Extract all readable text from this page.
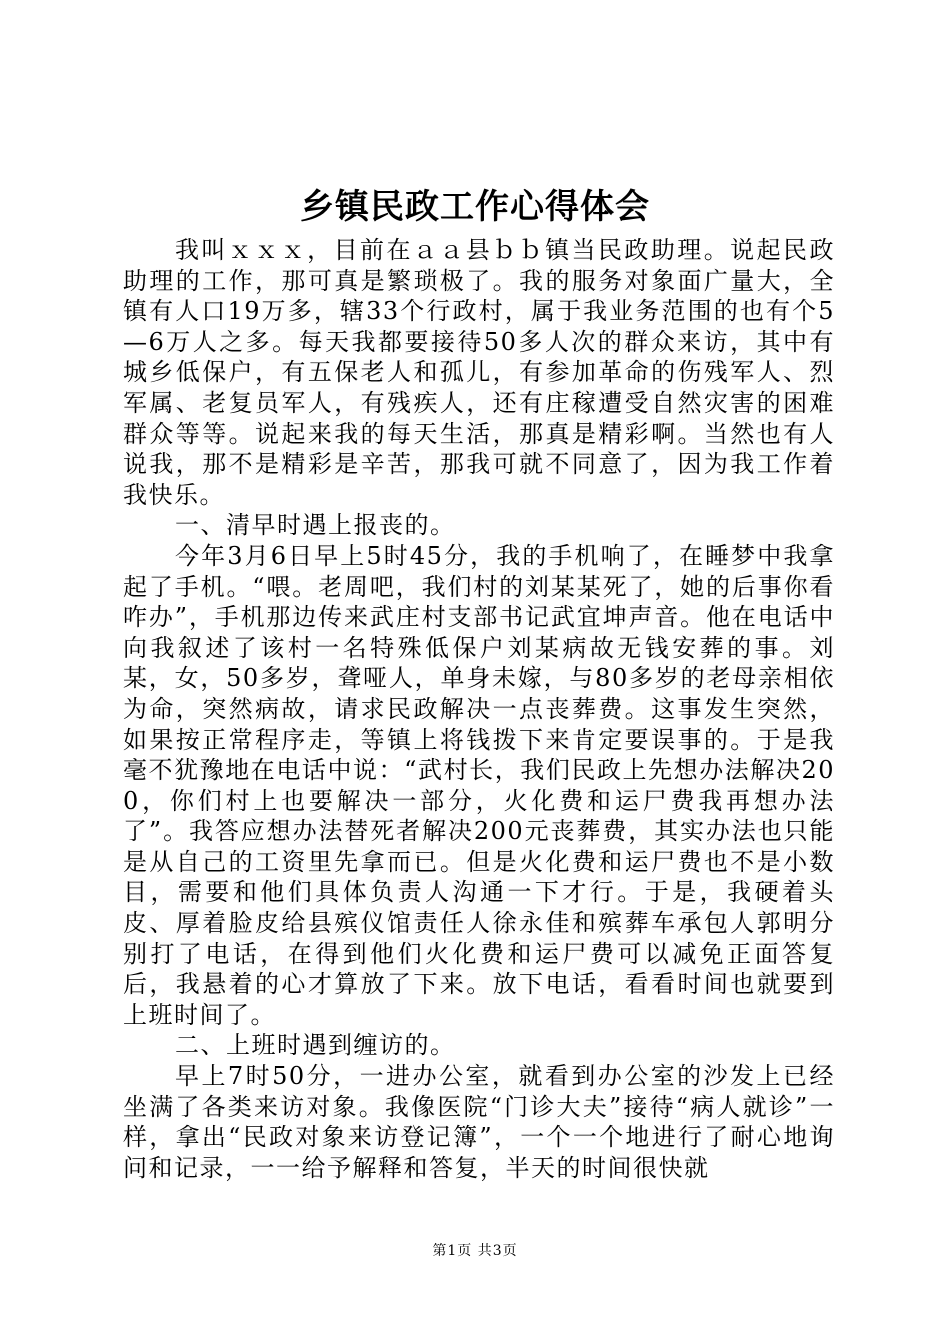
乡镇民政工作心得体会

我叫ｘｘｘ，目前在ａａ县ｂｂ镇当民政助理。说起民政助理的工作，那可真是繁琐极了。我的服务对象面广量大，全镇有人口19万多，辖33个行政村，属于我业务范围的也有个5—6万人之多。每天我都要接待50多人次的群众来访，其中有城乡低保户，有五保老人和孤儿，有参加革命的伤残军人、烈军属、老复员军人，有残疾人，还有庄稼遭受自然灾害的困难群众等等。说起来我的每天生活，那真是精彩啊。当然也有人说我，那不是精彩是辛苦，那我可就不同意了，因为我工作着我快乐。

一、清早时遇上报丧的。

今年3月6日早上5时45分，我的手机响了，在睡梦中我拿起了手机。“喂。老周吧，我们村的刘某某死了，她的后事你看咋办”，手机那边传来武庄村支部书记武宜坤声音。他在电话中向我叙述了该村一名特殊低保户刘某病故无钱安葬的事。刘某，女，50多岁，聋哑人，单身未嫁，与80多岁的老母亲相依为命，突然病故，请求民政解决一点丧葬费。这事发生突然，如果按正常程序走，等镇上将钱拨下来肯定要误事的。于是我毫不犹豫地在电话中说：“武村长，我们民政上先想办法解决200，你们村上也要解决一部分，火化费和运尸费我再想办法了”。我答应想办法替死者解决200元丧葬费，其实办法也只能是从自己的工资里先拿而已。但是火化费和运尸费也不是小数目，需要和他们具体负责人沟通一下才行。于是，我硬着头皮、厚着脸皮给县殡仪馆责任人徐永佳和殡葬车承包人郭明分别打了电话，在得到他们火化费和运尸费可以减免正面答复后，我悬着的心才算放了下来。放下电话，看看时间也就要到上班时间了。

二、上班时遇到缠访的。

早上7时50分，一进办公室，就看到办公室的沙发上已经坐满了各类来访对象。我像医院“门诊大夫”接待“病人就诊”一样，拿出“民政对象来访登记簿”，一个一个地进行了耐心地询问和记录，一一给予解释和答复，半天的时间很快就

第1页 共3页
